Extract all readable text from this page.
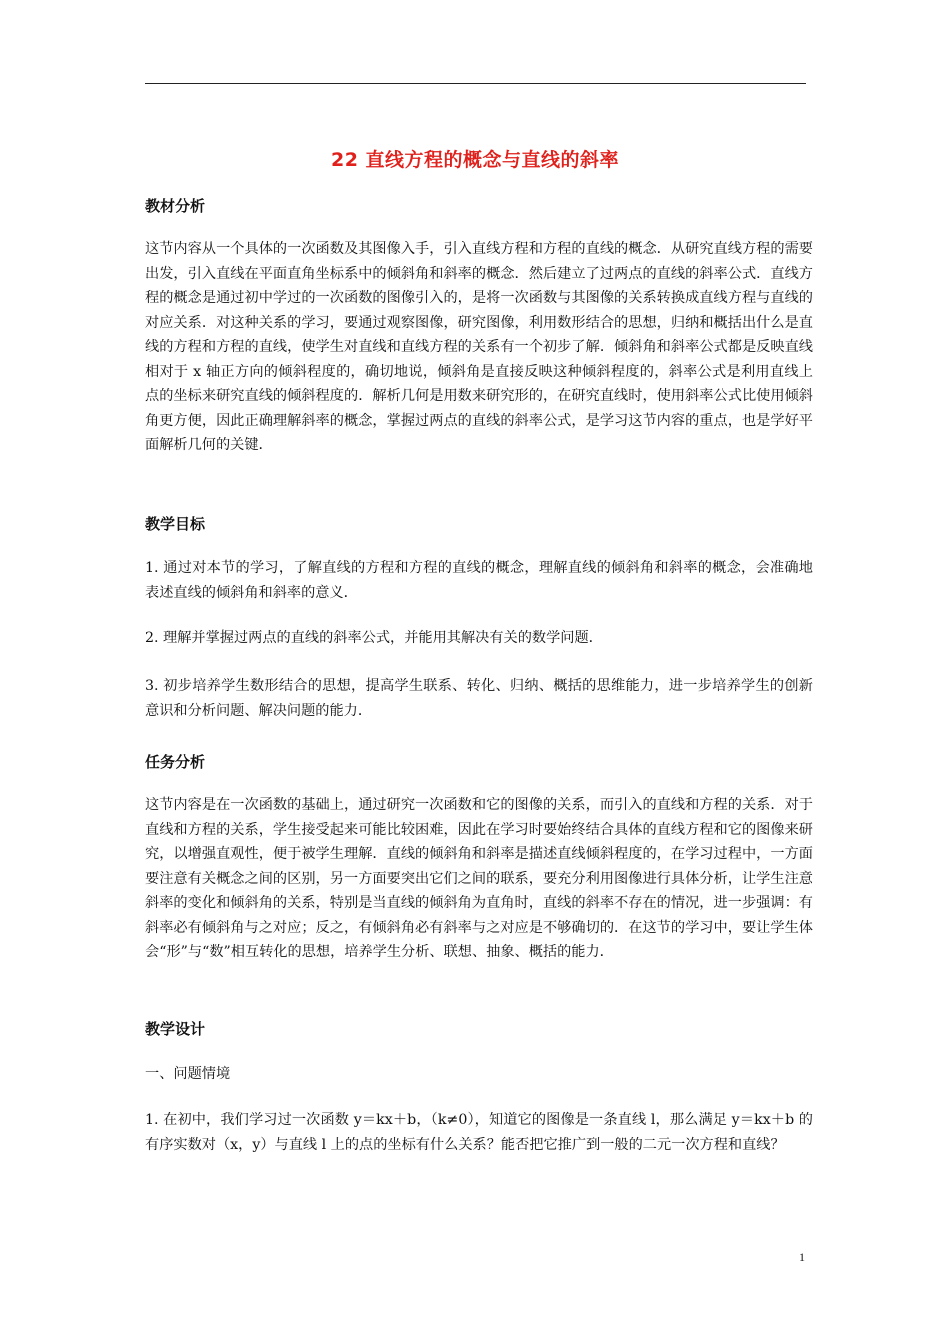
22 直线方程的概念与直线的斜率
教材分析
这节内容从一个具体的一次函数及其图像入手，引入直线方程和方程的直线的概念．从研究直线方程的需要出发，引入直线在平面直角坐标系中的倾斜角和斜率的概念．然后建立了过两点的直线的斜率公式．直线方程的概念是通过初中学过的一次函数的图像引入的，是将一次函数与其图像的关系转换成直线方程与直线的对应关系．对这种关系的学习，要通过观察图像，研究图像，利用数形结合的思想，归纳和概括出什么是直线的方程和方程的直线，使学生对直线和直线方程的关系有一个初步了解．倾斜角和斜率公式都是反映直线相对于 x 轴正方向的倾斜程度的，确切地说，倾斜角是直接反映这种倾斜程度的，斜率公式是利用直线上点的坐标来研究直线的倾斜程度的．解析几何是用数来研究形的，在研究直线时，使用斜率公式比使用倾斜角更方便，因此正确理解斜率的概念，掌握过两点的直线的斜率公式，是学习这节内容的重点，也是学好平面解析几何的关键．
教学目标
1. 通过对本节的学习，了解直线的方程和方程的直线的概念，理解直线的倾斜角和斜率的概念，会准确地表述直线的倾斜角和斜率的意义．
2. 理解并掌握过两点的直线的斜率公式，并能用其解决有关的数学问题．
3. 初步培养学生数形结合的思想，提高学生联系、转化、归纳、概括的思维能力，进一步培养学生的创新意识和分析问题、解决问题的能力．
任务分析
这节内容是在一次函数的基础上，通过研究一次函数和它的图像的关系，而引入的直线和方程的关系．对于直线和方程的关系，学生接受起来可能比较困难，因此在学习时要始终结合具体的直线方程和它的图像来研究，以增强直观性，便于被学生理解．直线的倾斜角和斜率是描述直线倾斜程度的，在学习过程中，一方面要注意有关概念之间的区别，另一方面要突出它们之间的联系，要充分利用图像进行具体分析，让学生注意斜率的变化和倾斜角的关系，特别是当直线的倾斜角为直角时，直线的斜率不存在的情况，进一步强调：有斜率必有倾斜角与之对应；反之，有倾斜角必有斜率与之对应是不够确切的．在这节的学习中，要让学生体会“形”与“数”相互转化的思想，培养学生分析、联想、抽象、概括的能力．
教学设计
一、问题情境
1. 在初中，我们学习过一次函数 y＝kx＋b，（k≠0），知道它的图像是一条直线 l，那么满足 y＝kx＋b 的有序实数对（x，y）与直线 l 上的点的坐标有什么关系？能否把它推广到一般的二元一次方程和直线？
1
